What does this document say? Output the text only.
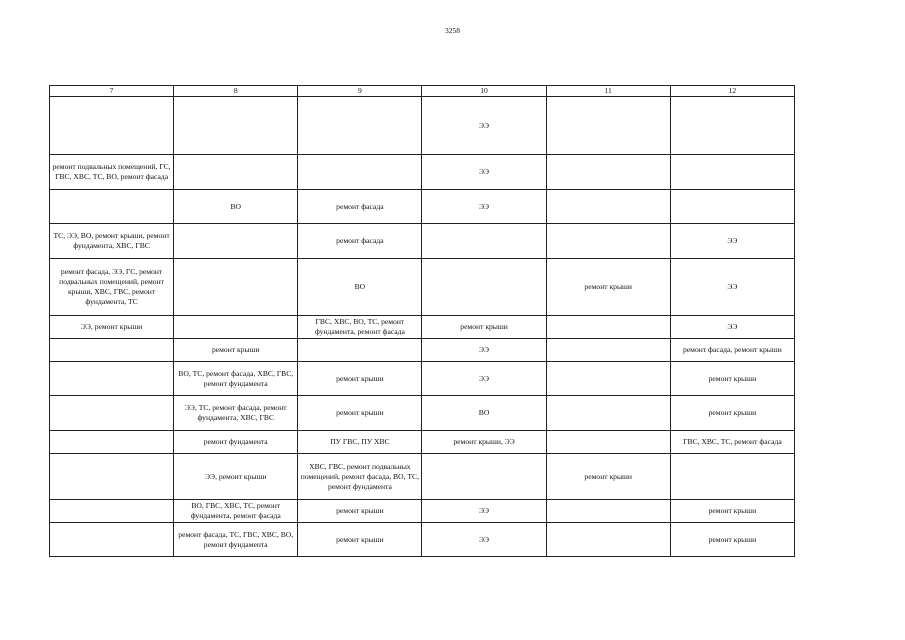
3258
7	8	9	10	11	12
			ЭЭ		
ремонт подвальных помещений, ГС, ГВС, ХВС, ТС, ВО, ремонт фасада			ЭЭ		
	ВО	ремонт фасада	ЭЭ		
ТС, ЭЭ, ВО, ремонт крыши, ремонт фундамента, ХВС, ГВС		ремонт фасада			ЭЭ
ремонт фасада, ЭЭ, ГС, ремонт подвальных помещений, ремонт крыши, ХВС, ГВС, ремонт фундамента, ТС		ВО		ремонт крыши	ЭЭ
ЭЭ, ремонт крыши		ГВС, ХВС, ВО, ТС, ремонт фундамента, ремонт фасада	ремонт крыши		ЭЭ
	ремонт крыши		ЭЭ		ремонт фасада, ремонт крыши
	ВО, ТС, ремонт фасада, ХВС, ГВС, ремонт фундамента	ремонт крыши	ЭЭ		ремонт крыши
	ЭЭ, ТС, ремонт фасада, ремонт фундамента, ХВС, ГВС	ремонт крыши	ВО		ремонт крыши
	ремонт фундамента	ПУ ГВС, ПУ ХВС	ремонт крыши, ЭЭ		ГВС, ХВС, ТС, ремонт фасада
	ЭЭ, ремонт крыши	ХВС, ГВС, ремонт подвальных помещений, ремонт фасада, ВО, ТС, ремонт фундамента		ремонт крыши	
	ВО, ГВС, ХВС, ТС, ремонт фундамента, ремонт фасада	ремонт крыши	ЭЭ		ремонт крыши
	ремонт фасада, ТС, ГВС, ХВС, ВО, ремонт фундамента	ремонт крыши	ЭЭ		ремонт крыши
